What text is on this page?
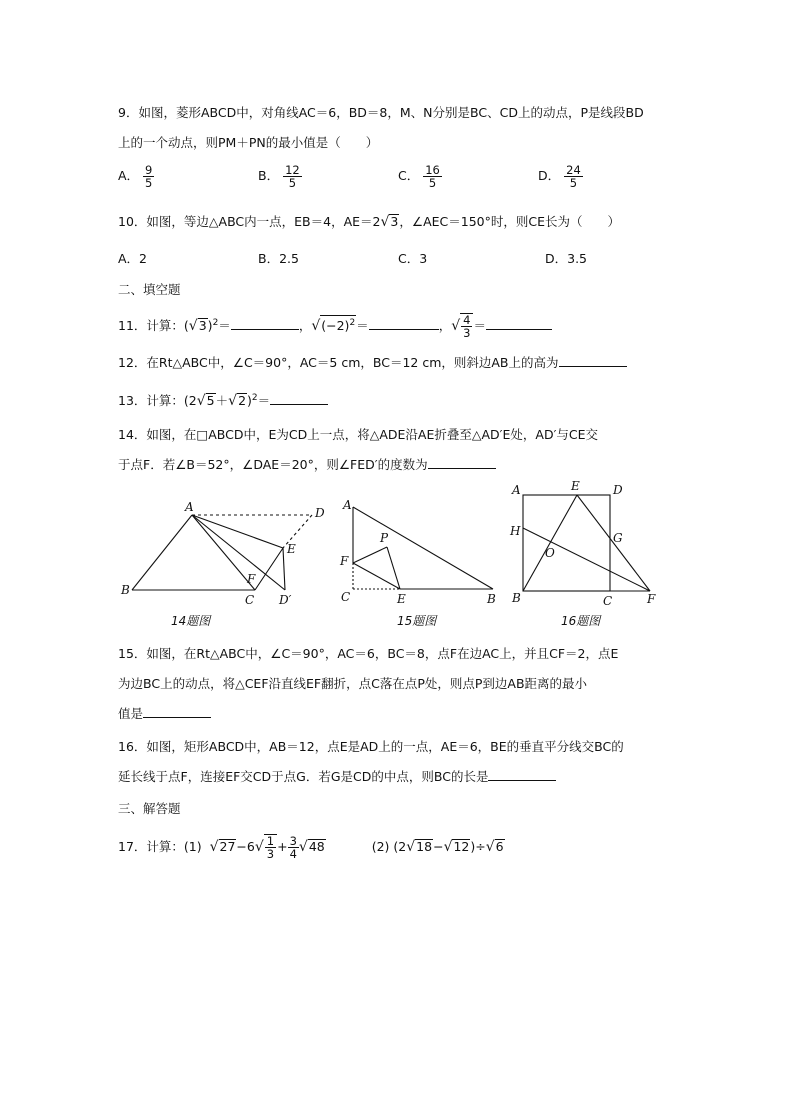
9．如图，菱形ABCD中，对角线AC＝6，BD＝8，M、N分别是BC、CD上的动点，P是线段BD
上的一个动点，则PM＋PN的最小值是（　　）
A． $\frac{9}{5}$	B． $\frac{12}{5}$	C． $\frac{16}{5}$	D． $\frac{24}{5}$
10．如图，等边△ABC内一点，EB＝4，AE＝2√3，∠AEC＝150°时，则CE长为（　　）
A．2	B．2.5	C．3	D．3.5
二、填空题
11．计算：$(√3)^2=$	，$√(-2)^2=$	，√ $\frac{4}{3}$ ＝
12．在Rt△ABC中，∠C＝90°，AC＝5 cm，BC＝12 cm，则斜边AB上的高为
13．计算：$(2√5+√2)^2=$
14．如图，在□ABCD中，E为CD上一点，将△ADE沿AE折叠至△AD′E处，AD′与CE交
于点F．若∠B＝52°，∠DAE＝20°，则∠FED′的度数为
A	D
E
F
B
C D′
14题图
A
P
F
C	E	B
15题图
A	E	D
H	G
O
B	C	F
16题图
15．如图，在Rt△ABC中，∠C＝90°，AC＝6，BC＝8，点F在边AC上，并且CF＝2，点E
为边BC上的动点，将△CEF沿直线EF翻折，点C落在点P处，则点P到边AB距离的最小
值是
16．如图，矩形ABCD中，AB＝12，点E是AD上的一点，AE＝6，BE的垂直平分线交BC的
延长线于点F，连接EF交CD于点G．若G是CD的中点，则BC的长是
三、解答题
17．计算：(1) $√27-6√ \frac{1}{3} + \frac{3}{4} √48$	(2) (2√18−√12)÷√6
